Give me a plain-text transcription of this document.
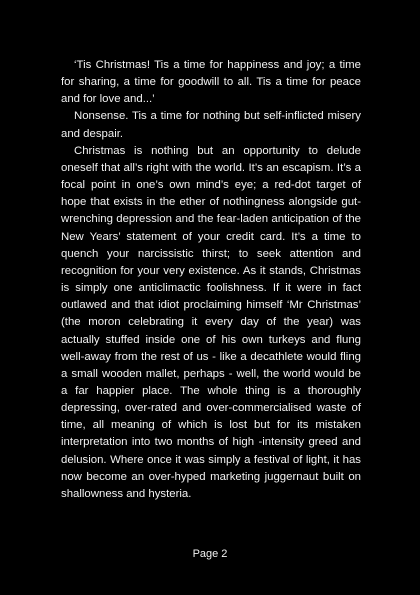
‘Tis Christmas! Tis a time for happiness and joy; a time for sharing, a time for goodwill to all. Tis a time for peace and for love and...’

Nonsense. Tis a time for nothing but self-inflicted misery and despair.

Christmas is nothing but an opportunity to delude oneself that all’s right with the world. It’s an escapism. It’s a focal point in one’s own mind’s eye; a red-dot target of hope that exists in the ether of nothingness alongside gut-wrenching depression and the fear-laden anticipation of the New Years’ statement of your credit card. It’s a time to quench your narcissistic thirst; to seek attention and recognition for your very existence. As it stands, Christmas is simply one anticlimactic foolishness. If it were in fact outlawed and that idiot proclaiming himself ‘Mr Christmas’ (the moron celebrating it every day of the year) was actually stuffed inside one of his own turkeys and flung well-away from the rest of us - like a decathlete would fling a small wooden mallet, perhaps - well, the world would be a far happier place. The whole thing is a thoroughly depressing, over-rated and over-commercialised waste of time, all meaning of which is lost but for its mistaken interpretation into two months of high -intensity greed and delusion. Where once it was simply a festival of light, it has now become an over-hyped marketing juggernaut built on shallowness and hysteria.

Page 2
